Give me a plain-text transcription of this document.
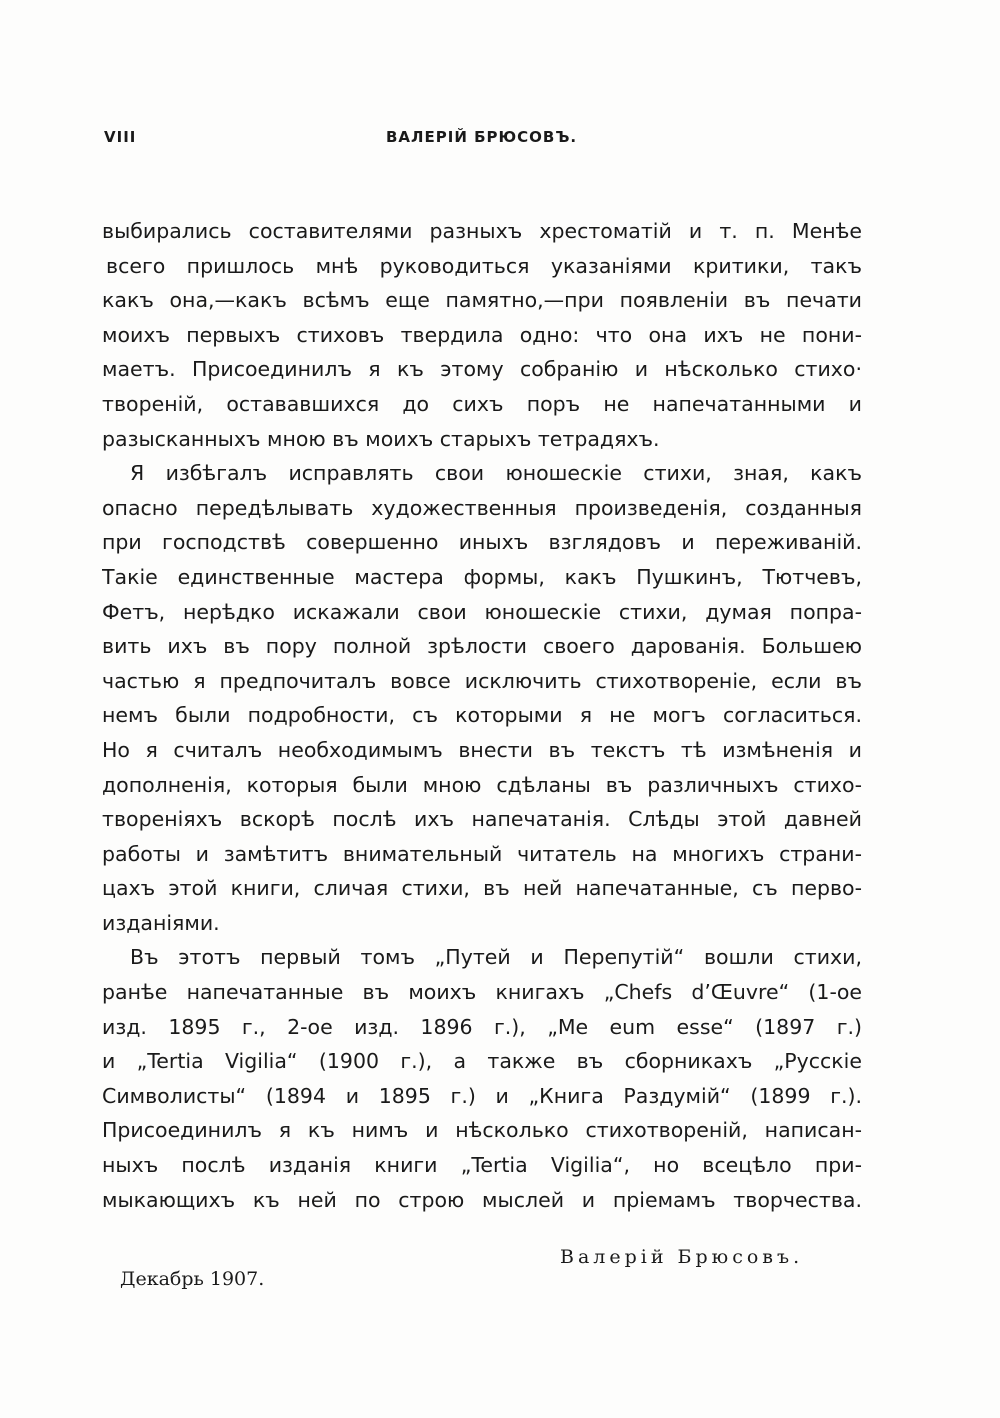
VIII	ВАЛЕРІЙ БРЮСОВЪ.
выбирались составителями разныхъ хрестоматій и т. п. Менѣе
всего пришлось мнѣ руководиться указаніями критики, такъ
какъ она,—какъ всѣмъ еще памятно,—при появленіи въ печати
моихъ первыхъ стиховъ твердила одно: что она ихъ не пони-
маетъ. Присоединилъ я къ этому собранію и нѣсколько стихо·
твореній, остававшихся до сихъ поръ не напечатанными и
разысканныхъ мною въ моихъ старыхъ тетрадяхъ.
Я избѣгалъ исправлять свои юношескіе стихи, зная, какъ
опасно передѣлывать художественныя произведенія, созданныя
при господствѣ совершенно иныхъ взглядовъ и переживаній.
Такіе единственные мастера формы, какъ Пушкинъ, Тютчевъ,
Фетъ, нерѣдко искажали свои юношескіе стихи, думая попра-
вить ихъ въ пору полной зрѣлости своего дарованія. Большею
частью я предпочиталъ вовсе исключить стихотвореніе, если въ
немъ были подробности, съ которыми я не могъ согласиться.
Но я считалъ необходимымъ внести въ текстъ тѣ измѣненія и
дополненія, которыя были мною сдѣланы въ различныхъ стихо-
твореніяхъ вскорѣ послѣ ихъ напечатанія. Слѣды этой давней
работы и замѣтитъ внимательный читатель на многихъ страни-
цахъ этой книги, сличая стихи, въ ней напечатанные, съ перво-
изданіями.
Въ этотъ первый томъ „Путей и Перепутій“ вошли стихи,
ранѣе напечатанные въ моихъ книгахъ „Chefs d’Œuvre“ (1-ое
изд. 1895 г., 2-ое изд. 1896 г.), „Me eum esse“ (1897 г.)
и „Tertia Vigilia“ (1900 г.), а также въ сборникахъ „Русскіе
Символисты“ (1894 и 1895 г.) и „Книга Раздумій“ (1899 г.).
Присоединилъ я къ нимъ и нѣсколько стихотвореній, написан-
ныхъ послѣ изданія книги „Tertia Vigilia“, но всецѣло при-
мыкающихъ къ ней по строю мыслей и пріемамъ творчества.
Валерій Брюсовъ.
Декабрь 1907.
